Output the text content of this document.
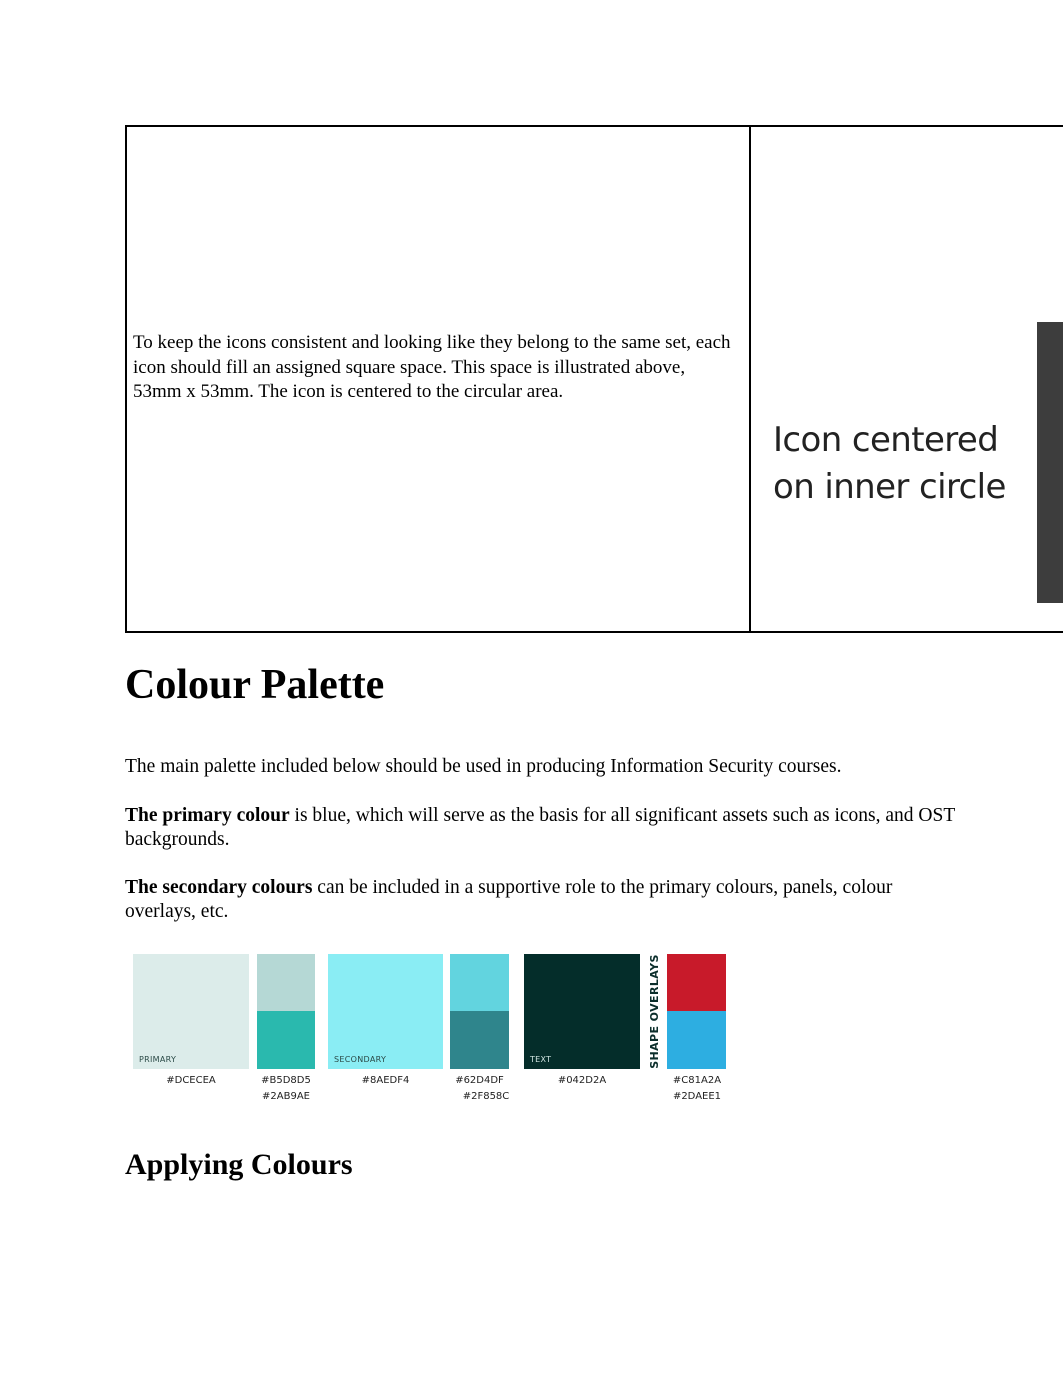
To keep the icons consistent and looking like they belong to the same set, each icon should fill an assigned square space. This space is illustrated above, 53mm x 53mm. The icon is centered to the circular area.
Icon centered
on inner circle
Colour Palette

The main palette included below should be used in producing Information Security courses.

The primary colour is blue, which will serve as the basis for all significant assets such as icons, and OST backgrounds.

The secondary colours can be included in a supportive role to the primary colours, panels, colour overlays, etc.

PRIMARY	SECONDARY	TEXT	SHAPE OVERLAYS
#DCECEA	#B5D8D5
#2AB9AE
#8AEDF4	#62D4DF
#2F858C
#042D2A	#C81A2A
#2DAEE1
Applying Colours
